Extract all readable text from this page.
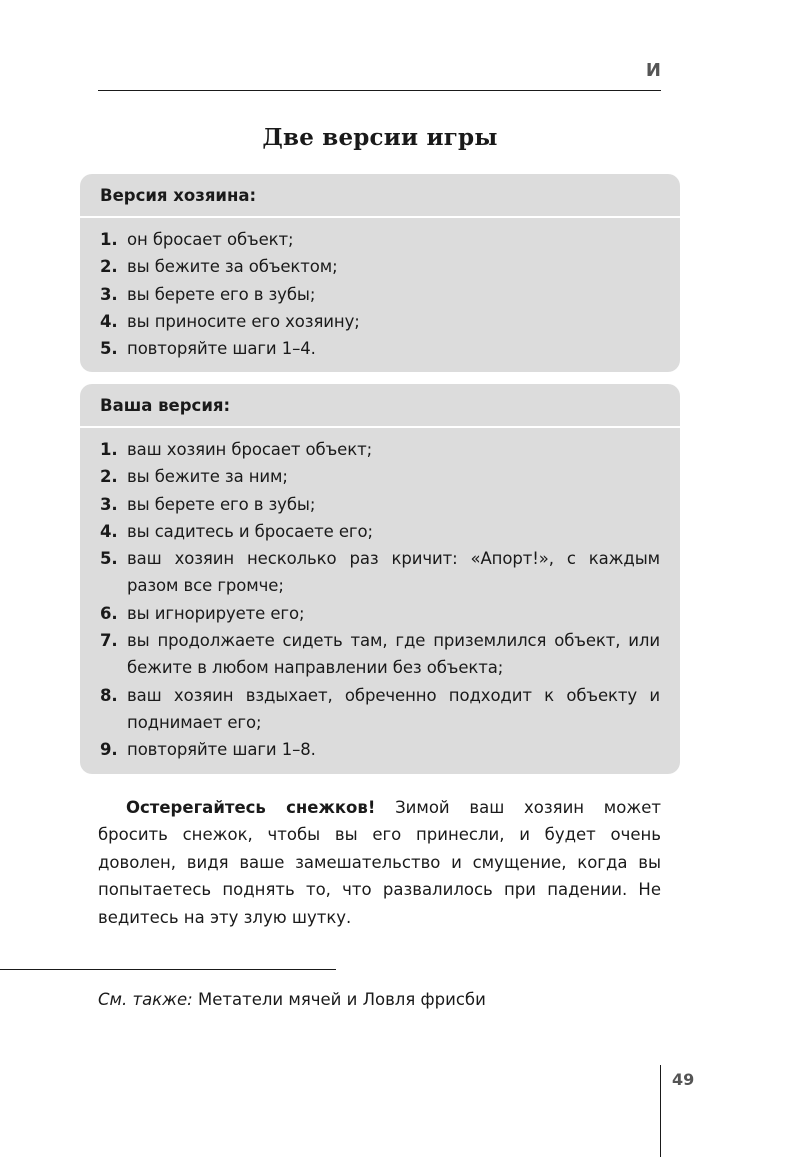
И
Две версии игры
Версия хозяина:
1. он бросает объект;
2. вы бежите за объектом;
3. вы берете его в зубы;
4. вы приносите его хозяину;
5. повторяйте шаги 1–4.
Ваша версия:
1. ваш хозяин бросает объект;
2. вы бежите за ним;
3. вы берете его в зубы;
4. вы садитесь и бросаете его;
5. ваш хозяин несколько раз кричит: «Апорт!», с каждым разом все громче;
6. вы игнорируете его;
7. вы продолжаете сидеть там, где приземлился объект, или бежите в любом направлении без объекта;
8. ваш хозяин вздыхает, обреченно подходит к объекту и поднимает его;
9. повторяйте шаги 1–8.

Остерегайтесь снежков! Зимой ваш хозяин может бросить снежок, чтобы вы его принесли, и будет очень доволен, видя ваше замешательство и смущение, когда вы попытаетесь поднять то, что развалилось при падении. Не ведитесь на эту злую шутку.

См. также: Метатели мячей и Ловля фрисби
49
